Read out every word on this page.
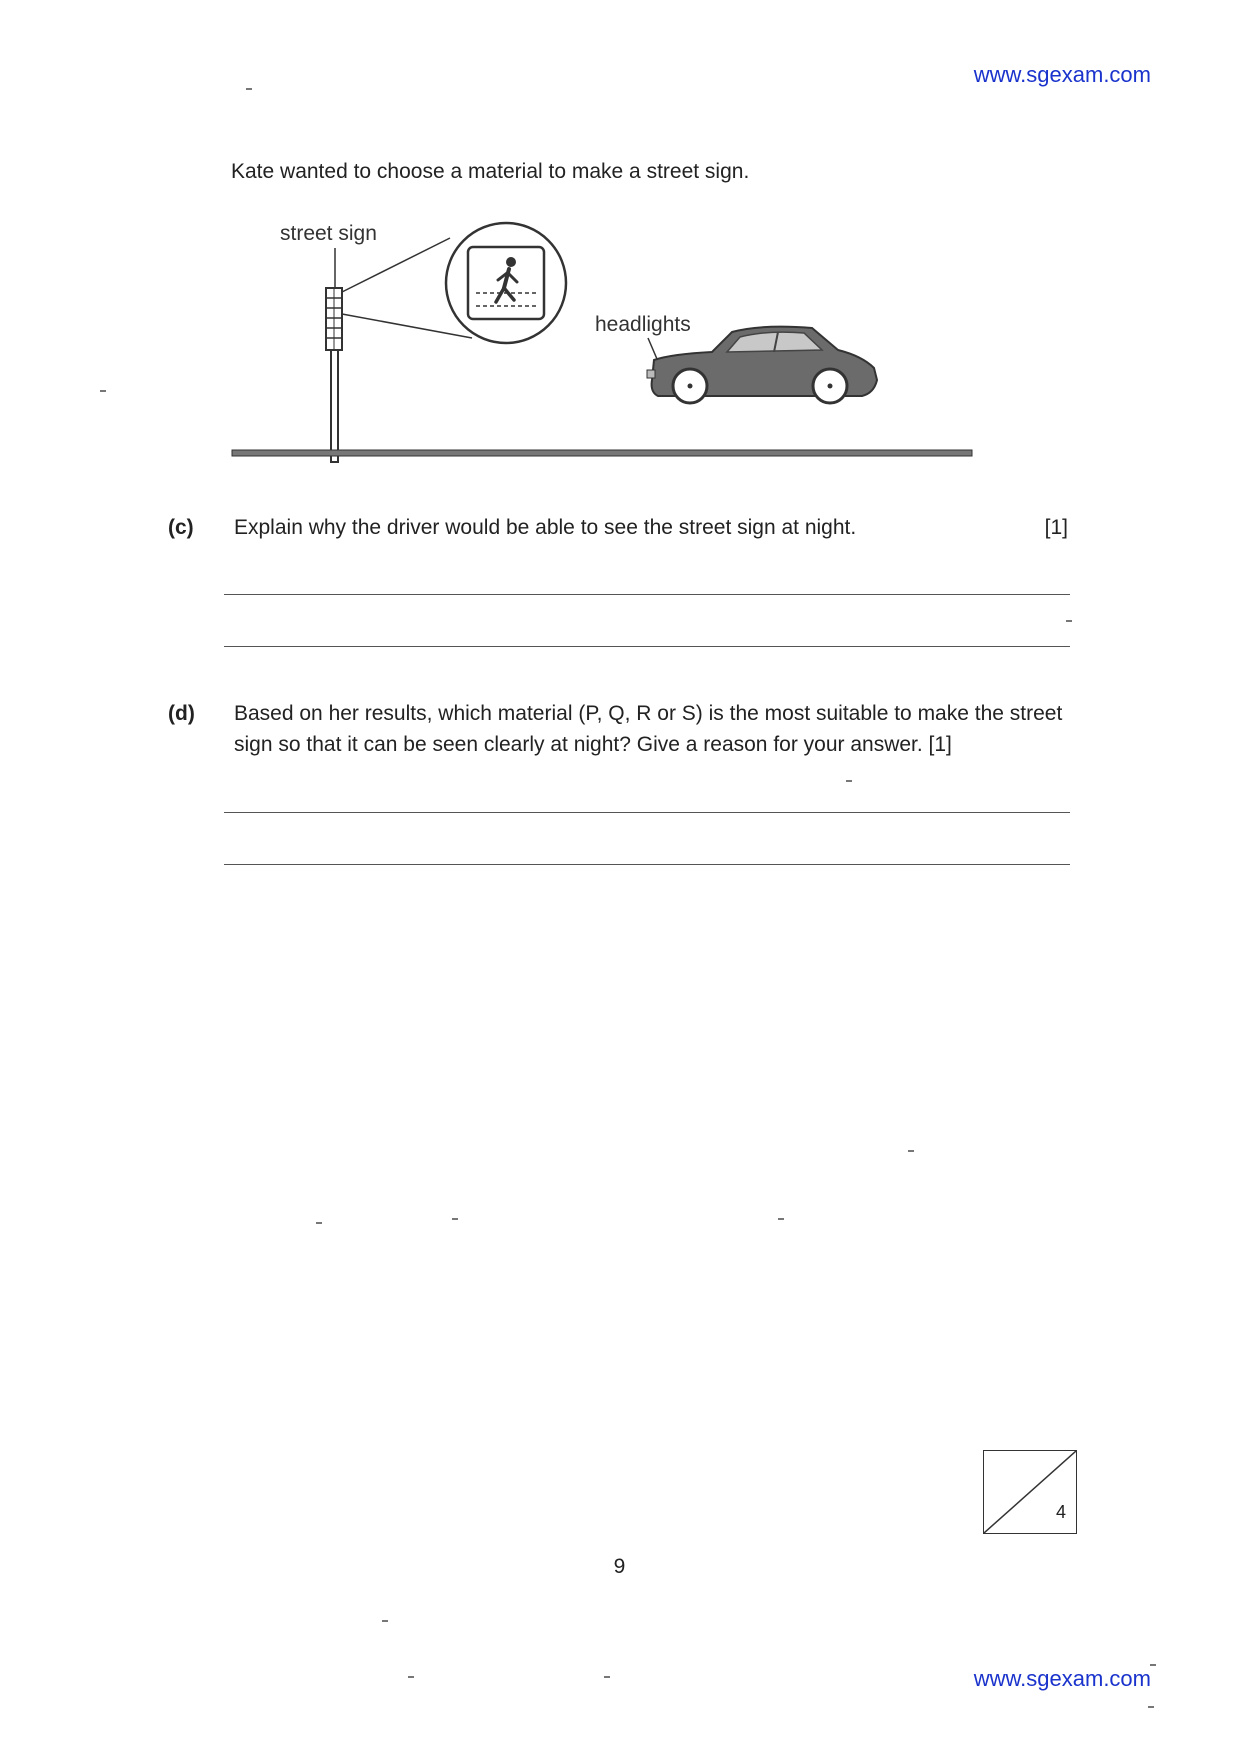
www.sgexam.com
Kate wanted to choose a material to make a street sign.
street sign
headlights
(c) Explain why the driver would be able to see the street sign at night.	[1]
(d) Based on her results, which material (P, Q, R or S) is the most suitable to make the street sign so that it can be seen clearly at night? Give a reason for your answer. [1]
4
9
www.sgexam.com
